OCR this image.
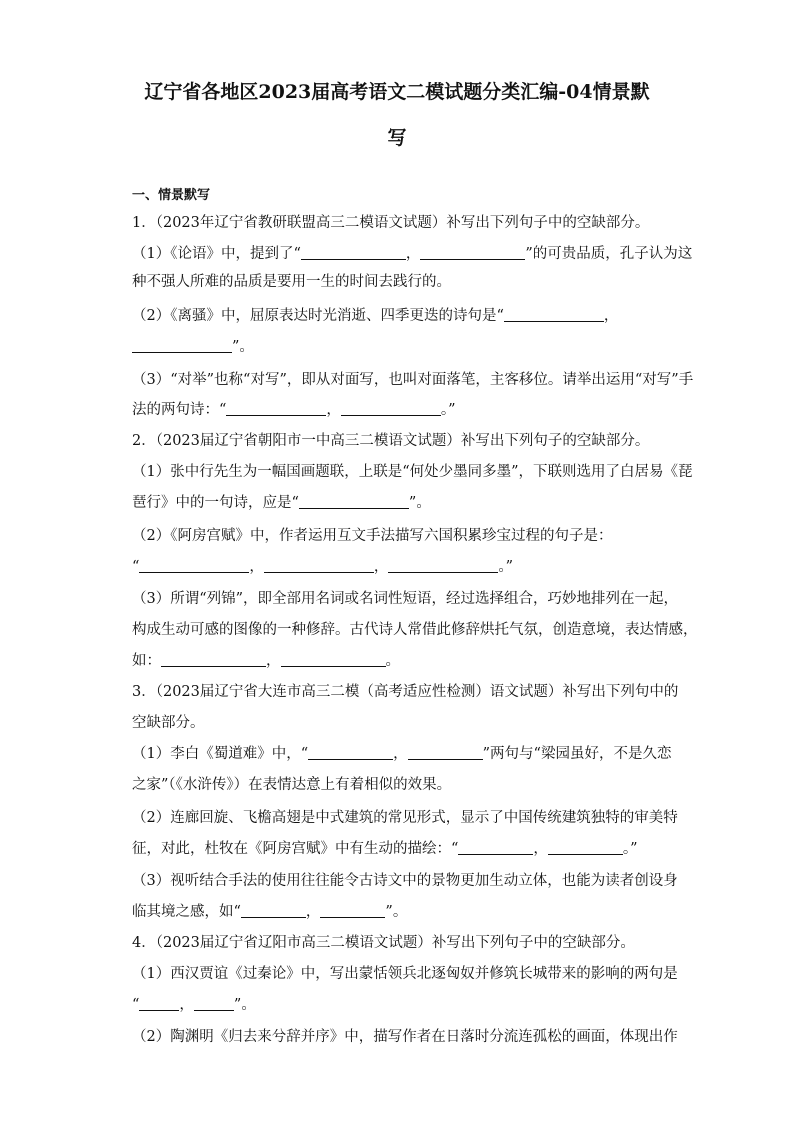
辽宁省各地区2023届高考语文二模试题分类汇编-04情景默
写
一、情景默写
1．（2023年辽宁省教研联盟高三二模语文试题）补写出下列句子中的空缺部分。
（1）《论语》中，提到了“	，	”的可贵品质，孔子认为这
种不强人所难的品质是要用一生的时间去践行的。
（2）《离骚》中，屈原表达时光消逝、四季更迭的诗句是“	，
”。
（3）“对举”也称“对写”，即从对面写，也叫对面落笔，主客移位。请举出运用“对写”手
法的两句诗：“	，	。”
2．（2023届辽宁省朝阳市一中高三二模语文试题）补写出下列句子的空缺部分。
（1）张中行先生为一幅国画题联，上联是“何处少墨同多墨”，下联则选用了白居易《琵
琶行》中的一句诗，应是“	”。
（2）《阿房宫赋》中，作者运用互文手法描写六国积累珍宝过程的句子是：
“	，	，	。”
（3）所谓“列锦”，即全部用名词或名词性短语，经过选择组合，巧妙地排列在一起，
构成生动可感的图像的一种修辞。古代诗人常借此修辞烘托气氛，创造意境，表达情感，
如：	，	。
3．（2023届辽宁省大连市高三二模（高考适应性检测）语文试题）补写出下列句中的
空缺部分。
（1）李白《蜀道难》中，“	，	”两句与“梁园虽好，不是久恋
之家”（《水浒传》）在表情达意上有着相似的效果。
（2）连廊回旋、飞檐高翅是中式建筑的常见形式，显示了中国传统建筑独特的审美特
征，对此，杜牧在《阿房宫赋》中有生动的描绘：“	，	。”
（3）视听结合手法的使用往往能令古诗文中的景物更加生动立体，也能为读者创设身
临其境之感，如“	，	”。
4．（2023届辽宁省辽阳市高三二模语文试题）补写出下列句子中的空缺部分。
（1）西汉贾谊《过秦论》中，写出蒙恬领兵北逐匈奴并修筑长城带来的影响的两句是
“	，	”。
（2）陶渊明《归去来兮辞并序》中，描写作者在日落时分流连孤松的画面，体现出作
